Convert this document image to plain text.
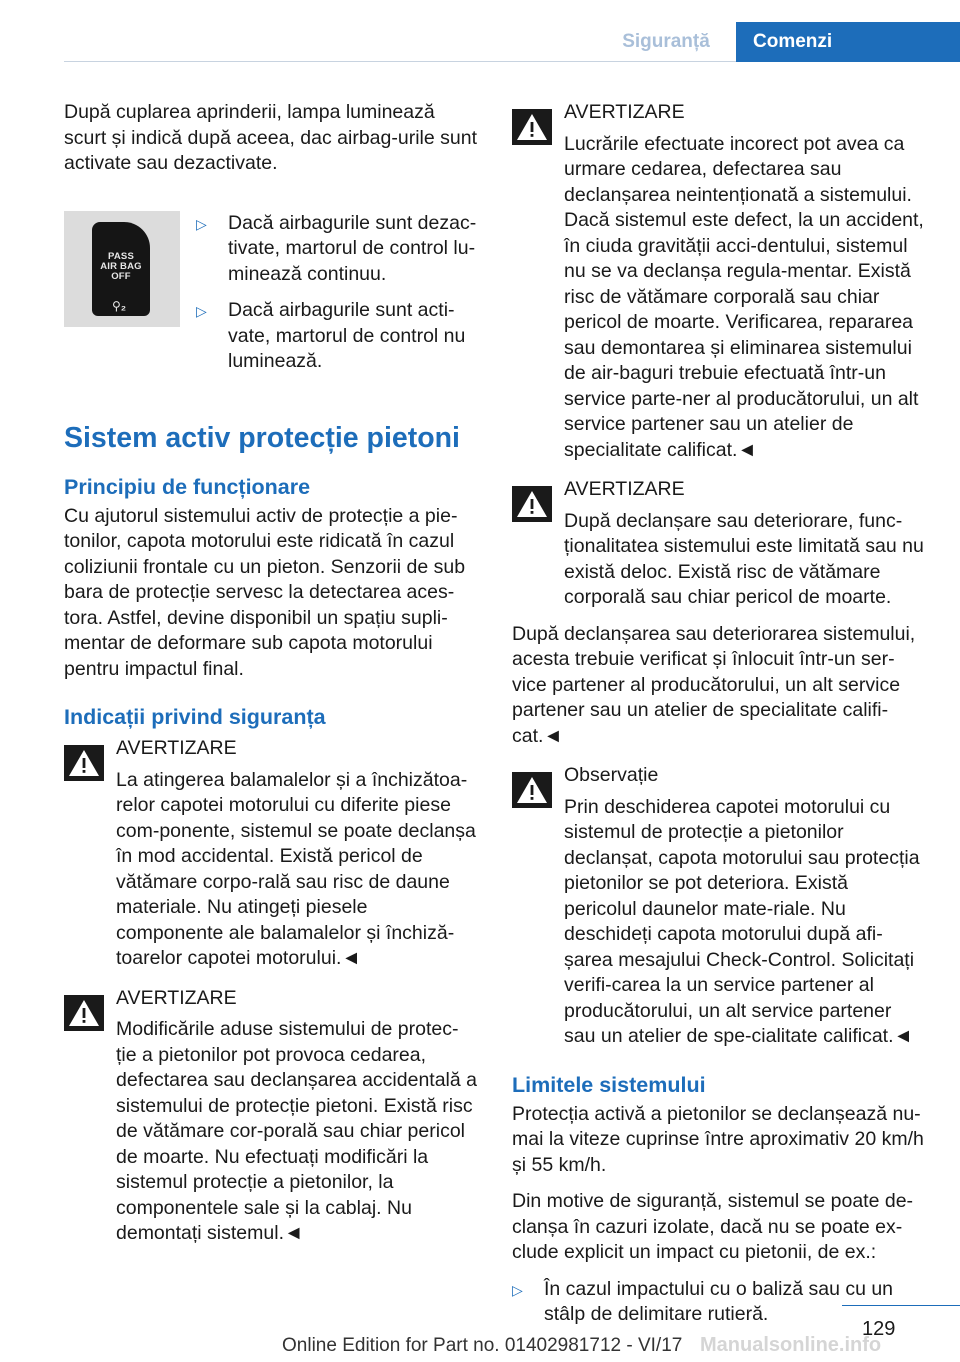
Siguranță	Comenzi

După cuplarea aprinderii, lampa luminează scurt și indică după aceea, dac airbag-urile sunt activate sau dezactivate.

PASS
AIR BAG
OFF
⚲₂
▷	Dacă airbagurile sunt dezac‐tivate, martorul de control lu‐minează continuu.
▷	Dacă airbagurile sunt acti‐vate, martorul de control nu luminează.
Sistem activ protecție pietoni
Principiu de funcționare

Cu ajutorul sistemului activ de protecție a pie‐tonilor, capota motorului este ridicată în cazul coliziunii frontale cu un pieton. Senzorii de sub bara de protecție servesc la detectarea aces‐tora. Astfel, devine disponibil un spațiu supli‐mentar de deformare sub capota motorului pentru impactul final.

Indicații privind siguranța
AVERTIZARE
La atingerea balamalelor și a închizătoa‐relor capotei motorului cu diferite piese com‐ponente, sistemul se poate declanșa în mod accidental. Există pericol de vătămare corpo‐rală sau risc de daune materiale. Nu atingeți piesele componente ale balamalelor și închiză‐toarelor capotei motorului.◄
AVERTIZARE
Modificările aduse sistemului de protec‐ție a pietonilor pot provoca cedarea, defectarea sau declanșarea accidentală a sistemului de protecție pietoni. Există risc de vătămare cor‐porală sau chiar pericol de moarte. Nu efectuați modificări la sistemul protecție a pietonilor, la componentele sale și la cablaj. Nu demontați sistemul.◄
AVERTIZARE
Lucrările efectuate incorect pot avea ca urmare cedarea, defectarea sau declanșarea neintenționată a sistemului. Dacă sistemul este defect, la un accident, în ciuda gravității acci‐dentului, sistemul nu se va declanșa regula‐mentar. Există risc de vătămare corporală sau chiar pericol de moarte. Verificarea, repararea sau demontarea și eliminarea sistemului de air‐baguri trebuie efectuată într-un service parte‐ner al producătorului, un alt service partener sau un atelier de specialitate calificat.◄
AVERTIZARE
După declanșare sau deteriorare, func‐ționalitatea sistemului este limitată sau nu există deloc. Există risc de vătămare corporală sau chiar pericol de moarte.

După declanșarea sau deteriorarea sistemului, acesta trebuie verificat și înlocuit într-un ser‐vice partener al producătorului, un alt service partener sau un atelier de specialitate califi‐cat.◄

Observație
Prin deschiderea capotei motorului cu sistemul de protecție a pietonilor declanșat, capota motorului sau protecția pietonilor se pot deteriora. Există pericolul daunelor mate‐riale. Nu deschideți capota motorului după afi‐șarea mesajului Check-Control. Solicitați verifi‐carea la un service partener al producătorului, un alt service partener sau un atelier de spe‐cialitate calificat.◄
Limitele sistemului

Protecția activă a pietonilor se declanșează nu‐mai la viteze cuprinse între aproximativ 20 km/h și 55 km/h.

Din motive de siguranță, sistemul se poate de‐clanșa în cazuri izolate, dacă nu se poate ex‐clude explicit un impact cu pietonii, de ex.:

▷	În cazul impactului cu o baliză sau cu un stâlp de delimitare rutieră.
129
Online Edition for Part no. 01402981712 - VI/17 Manualsonline.info
